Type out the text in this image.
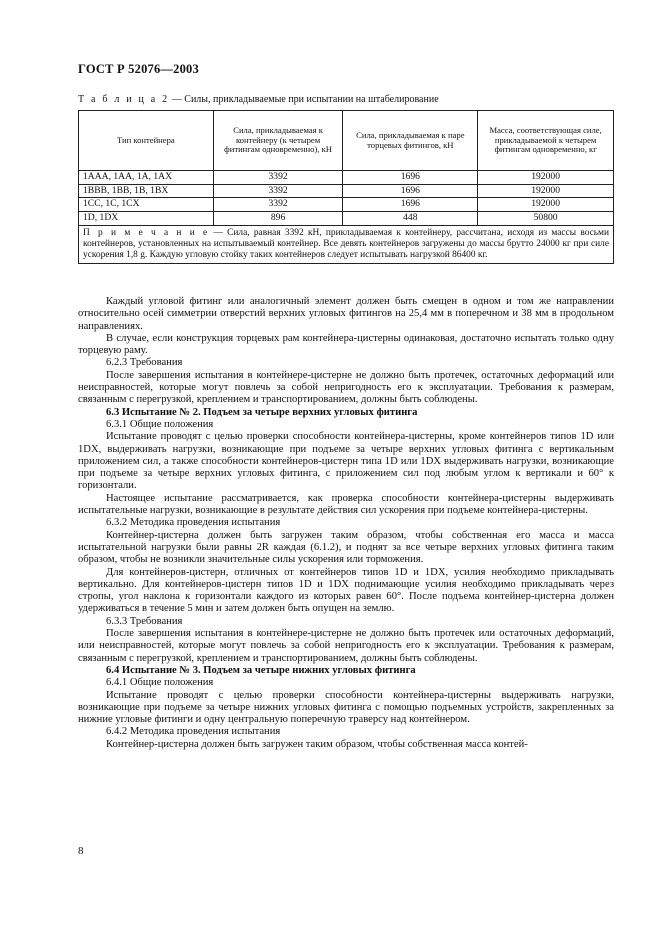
ГОСТ Р 52076—2003
Т а б л и ц а 2 — Силы, прикладываемые при испытании на штабелирование
Тип контейнера	Сила, прикладываемая к контейнеру (к четырем фитингам одновременно), кН	Сила, прикладываемая к паре торцевых фитингов, кН	Масса, соответствующая силе, прикладываемой к четырем фитингам одновременно, кг
1AAA, 1AA, 1A, 1AX	3392	1696	192000
1BBB, 1BB, 1B, 1BX	3392	1696	192000
1CC, 1C, 1CX	3392	1696	192000
1D, 1DX	896	448	50800
П р и м е ч а н и е — Сила, равная 3392 кН, прикладываемая к контейнеру, рассчитана, исходя из массы восьми контейнеров, установленных на испытываемый контейнер. Все девять контейнеров загружены до массы брутто 24000 кг при силе ускорения 1,8 g. Каждую угловую стойку таких контейнеров следует испытывать нагрузкой 86400 кг.			

Каждый угловой фитинг или аналогичный элемент должен быть смещен в одном и том же направлении относительно осей симметрии отверстий верхних угловых фитингов на 25,4 мм в поперечном и 38 мм в продольном направлениях.

В случае, если конструкция торцевых рам контейнера-цистерны одинаковая, достаточно испытать только одну торцевую раму.

6.2.3 Требования

После завершения испытания в контейнере-цистерне не должно быть протечек, остаточных деформаций или неисправностей, которые могут повлечь за собой непригодность его к эксплуатации. Требования к размерам, связанным с перегрузкой, креплением и транспортированием, должны быть соблюдены.

6.3 Испытание № 2. Подъем за четыре верхних угловых фитинга

6.3.1 Общие положения

Испытание проводят с целью проверки способности контейнера-цистерны, кроме контейнеров типов 1D или 1DX, выдерживать нагрузки, возникающие при подъеме за четыре верхних угловых фитинга с вертикальным приложением сил, а также способности контейнеров-цистерн типа 1D или 1DX выдерживать нагрузки, возникающие при подъеме за четыре верхних угловых фитинга, с приложением сил под любым углом к вертикали и 60° к горизонтали.

Настоящее испытание рассматривается, как проверка способности контейнера-цистерны выдерживать испытательные нагрузки, возникающие в результате действия сил ускорения при подъеме контейнера-цистерны.

6.3.2 Методика проведения испытания

Контейнер-цистерна должен быть загружен таким образом, чтобы собственная его масса и масса испытательной нагрузки были равны 2R каждая (6.1.2), и поднят за все четыре верхних угловых фитинга таким образом, чтобы не возникли значительные силы ускорения или торможения.

Для контейнеров-цистерн, отличных от контейнеров типов 1D и 1DX, усилия необходимо прикладывать вертикально. Для контейнеров-цистерн типов 1D и 1DX поднимающие усилия необходимо прикладывать через стропы, угол наклона к горизонтали каждого из которых равен 60°. После подъема контейнер-цистерна должен удерживаться в течение 5 мин и затем должен быть опущен на землю.

6.3.3 Требования

После завершения испытания в контейнере-цистерне не должно быть протечек или остаточных деформаций, или неисправностей, которые могут повлечь за собой непригодность его к эксплуатации. Требования к размерам, связанным с перегрузкой, креплением и транспортированием, должны быть соблюдены.

6.4 Испытание № 3. Подъем за четыре нижних угловых фитинга

6.4.1 Общие положения

Испытание проводят с целью проверки способности контейнера-цистерны выдерживать нагрузки, возникающие при подъеме за четыре нижних угловых фитинга с помощью подъемных устройств, закрепленных за нижние угловые фитинги и одну центральную поперечную траверсу над контейнером.

6.4.2 Методика проведения испытания

Контейнер-цистерна должен быть загружен таким образом, чтобы собственная масса контей-

8
